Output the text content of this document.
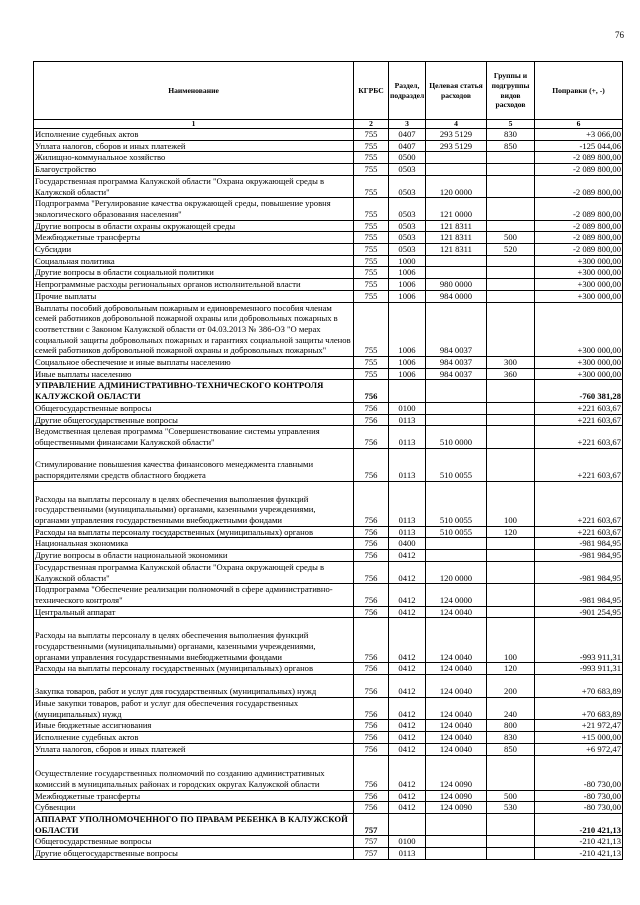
76
Наименование	КГРБС	Раздел, подраздел	Целевая статья расходов	Группы и подгруппы видов расходов	Поправки (+, -)
1	2	3	4	5	6
Исполнение судебных актов	755	0407	293 5129	830	+3 066,00
Уплата налогов, сборов и иных платежей	755	0407	293 5129	850	-125 044,06
Жилищно-коммунальное хозяйство	755	0500			-2 089 800,00
Благоустройство	755	0503			-2 089 800,00
Государственная программа Калужской области "Охрана окружающей среды в Калужской области"	755	0503	120 0000		-2 089 800,00
Подпрограмма "Регулирование качества окружающей среды, повышение уровня экологического образования населения"	755	0503	121 0000		-2 089 800,00
Другие вопросы в области охраны окружающей среды	755	0503	121 8311		-2 089 800,00
Межбюджетные трансферты	755	0503	121 8311	500	-2 089 800,00
Субсидии	755	0503	121 8311	520	-2 089 800,00
Социальная политика	755	1000			+300 000,00
Другие вопросы в области социальной политики	755	1006			+300 000,00
Непрограммные расходы региональных органов исполнительной власти	755	1006	980 0000		+300 000,00
Прочие выплаты	755	1006	984 0000		+300 000,00
Выплаты пособий добровольным пожарным и единовременного пособия членам семей работников добровольной пожарной охраны или добровольных пожарных в соответствии с Законом Калужской области от 04.03.2013 № 386-ОЗ "О мерах социальной защиты добровольных пожарных и гарантиях социальной защиты членов семей работников добровольной пожарной охраны и добровольных пожарных"	755	1006	984 0037		+300 000,00
Социальное обеспечение и иные выплаты населению	755	1006	984 0037	300	+300 000,00
Иные выплаты населению	755	1006	984 0037	360	+300 000,00
УПРАВЛЕНИЕ АДМИНИСТРАТИВНО-ТЕХНИЧЕСКОГО КОНТРОЛЯ КАЛУЖСКОЙ ОБЛАСТИ	756				-760 381,28
Общегосударственные вопросы	756	0100			+221 603,67
Другие общегосударственные вопросы	756	0113			+221 603,67
Ведомственная целевая программа "Совершенствование системы управления общественными финансами Калужской области"	756	0113	510 0000		+221 603,67
Стимулирование повышения качества финансового менеджмента главными распорядителями средств областного бюджета	756	0113	510 0055		+221 603,67
Расходы на выплаты персоналу в целях обеспечения выполнения функций государственными (муниципальными) органами, казенными учреждениями, органами управления государственными внебюджетными фондами	756	0113	510 0055	100	+221 603,67
Расходы на выплаты персоналу государственных (муниципальных) органов	756	0113	510 0055	120	+221 603,67
Национальная экономика	756	0400			-981 984,95
Другие вопросы в области национальной экономики	756	0412			-981 984,95
Государственная программа Калужской области "Охрана окружающей среды в Калужской области"	756	0412	120 0000		-981 984,95
Подпрограмма "Обеспечение реализации полномочий в сфере административно-технического контроля"	756	0412	124 0000		-981 984,95
Центральный аппарат	756	0412	124 0040		-901 254,95
Расходы на выплаты персоналу в целях обеспечения выполнения функций государственными (муниципальными) органами, казенными учреждениями, органами управления государственными внебюджетными фондами	756	0412	124 0040	100	-993 911,31
Расходы на выплаты персоналу государственных (муниципальных) органов	756	0412	124 0040	120	-993 911,31
Закупка товаров, работ и услуг для государственных (муниципальных) нужд	756	0412	124 0040	200	+70 683,89
Иные закупки товаров, работ и услуг для обеспечения государственных (муниципальных) нужд	756	0412	124 0040	240	+70 683,89
Иные бюджетные ассигнования	756	0412	124 0040	800	+21 972,47
Исполнение судебных актов	756	0412	124 0040	830	+15 000,00
Уплата налогов, сборов и иных платежей	756	0412	124 0040	850	+6 972,47
Осуществление государственных полномочий по созданию административных комиссий в муниципальных районах и городских округах Калужской области	756	0412	124 0090		-80 730,00
Межбюджетные трансферты	756	0412	124 0090	500	-80 730,00
Субвенции	756	0412	124 0090	530	-80 730,00
АППАРАТ УПОЛНОМОЧЕННОГО ПО ПРАВАМ РЕБЕНКА В КАЛУЖСКОЙ ОБЛАСТИ	757				-210 421,13
Общегосударственные вопросы	757	0100			-210 421,13
Другие общегосударственные вопросы	757	0113			-210 421,13
